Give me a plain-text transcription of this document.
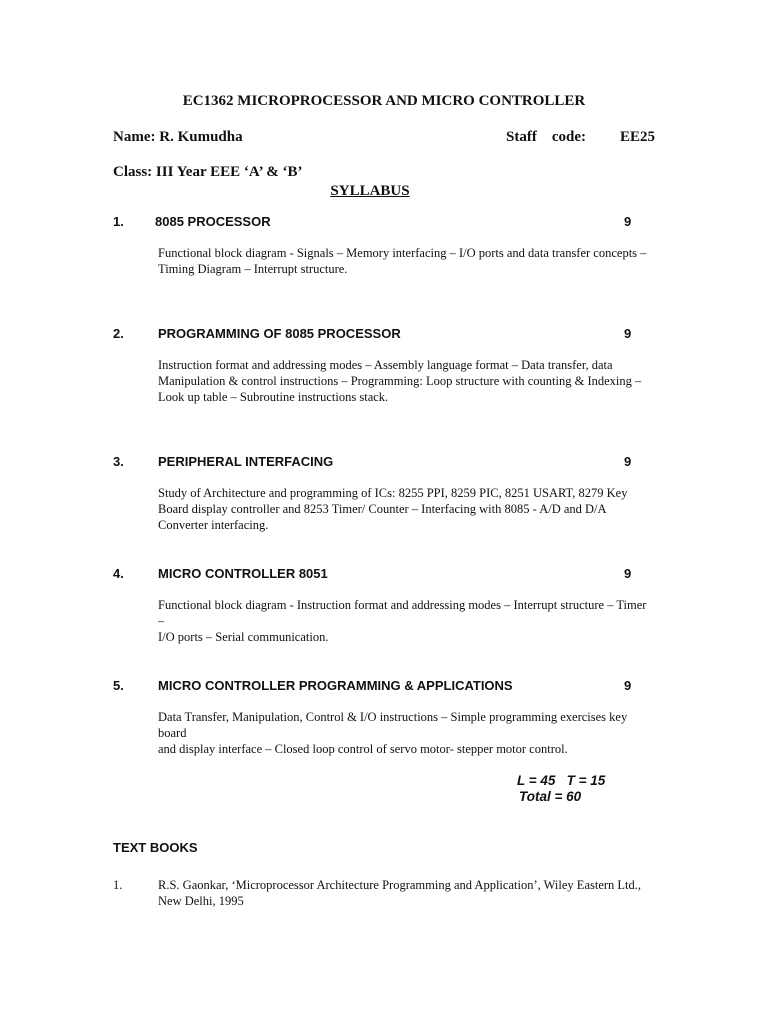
EC1362 MICROPROCESSOR AND MICRO CONTROLLER
Name: R. Kumudha	Staff    code: EE25
Class: III Year EEE ‘A’ & ‘B’
SYLLABUS
1. 8085 PROCESSOR	9
Functional block diagram - Signals – Memory interfacing – I/O ports and data transfer concepts –
Timing Diagram – Interrupt structure.
2.	PROGRAMMING OF 8085 PROCESSOR	9
Instruction format and addressing modes – Assembly language format – Data transfer, data
Manipulation & control instructions – Programming: Loop structure with counting & Indexing –
Look up table – Subroutine instructions stack.
3.	PERIPHERAL INTERFACING	9
Study of Architecture and programming of ICs: 8255 PPI, 8259 PIC, 8251 USART, 8279 Key
Board display controller and 8253 Timer/ Counter – Interfacing with 8085 - A/D and D/A
Converter interfacing.
4.	MICRO CONTROLLER 8051	9
Functional block diagram - Instruction format and addressing modes – Interrupt structure – Timer
–
I/O ports – Serial communication.
5.	MICRO CONTROLLER PROGRAMMING & APPLICATIONS	9
Data Transfer, Manipulation, Control & I/O instructions – Simple programming exercises key
board
and display interface – Closed loop control of servo motor- stepper motor control.
L = 45   T = 15
Total = 60
TEXT BOOKS
1.	R.S. Gaonkar, ‘Microprocessor Architecture Programming and Application’, Wiley Eastern Ltd.,
New Delhi, 1995
